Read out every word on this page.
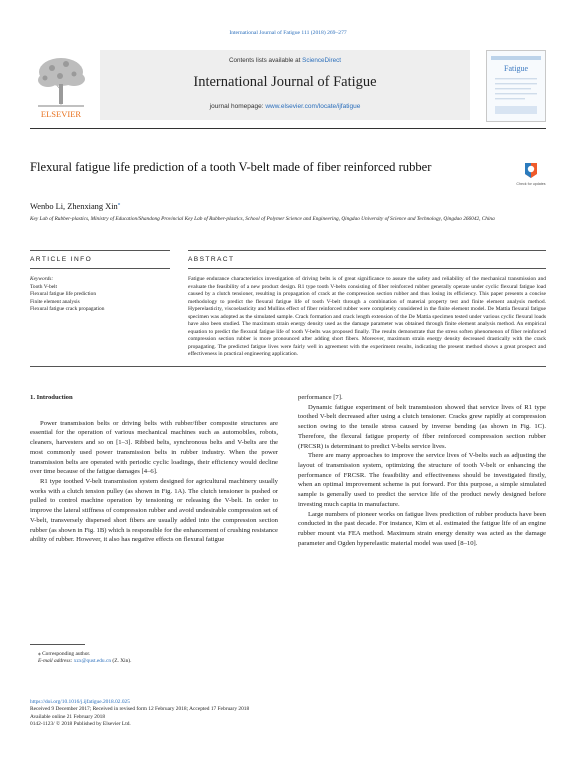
International Journal of Fatigue 111 (2018) 269–277
ELSEVIER
Contents lists available at ScienceDirect
International Journal of Fatigue
journal homepage: www.elsevier.com/locate/ijfatigue
Fatigue
Flexural fatigue life prediction of a tooth V-belt made of fiber reinforced rubber
Check for updates
Wenbo Li, Zhenxiang Xin⁎
Key Lab of Rubber-plastics, Ministry of Education/Shandong Provincial Key Lab of Rubber-plastics, School of Polymer Science and Engineering, Qingdao University of Science and Technology, Qingdao 266042, China
ARTICLE INFO	ABSTRACT
Keywords:
Tooth V-belt
Flexural fatigue life prediction
Finite element analysis
Flexural fatigue crack propagation
Fatigue endurance characteristics investigation of driving belts is of great significance to assure the safety and reliability of the mechanical transmission and evaluate the feasibility of a new product design. R1 type tooth V-belts consisting of fiber reinforced rubber generally operate under cyclic flexural fatigue load caused by a clutch tensioner, resulting in propagation of crack at the compression section rubber and thus losing its efficiency. This paper presents a concise methodology to predict the flexural fatigue life of tooth V-belt through a combination of material property test and finite element analysis method. Hyperelasticity, viscoelasticity and Mullins effect of fiber reinforced rubber were completely considered in the finite element model. De Mattia flexural fatigue specimen was adopted as the simulated sample. Crack formation and crack length extension of the De Mattia specimen tested under various cyclic flexural loads have also been studied. The maximum strain energy density used as the damage parameter was obtained through finite element analysis method. An empirical equation to predict the flexural fatigue life of tooth V-belts was proposed finally. The results demonstrate that the stress soften phenomenon of fiber reinforced compression section rubber is more pronounced after adding short fibers. Moreover, maximum strain energy density decreased drastically with the crack propagating. The predicted fatigue lives were fairly well in agreement with the experiment results, indicating the present method shows a great prospect and effectiveness in practical engineering application.
1. Introduction

Power transmission belts or driving belts with rubber/fiber composite structures are essential for the operation of various mechanical machines such as automobiles, robots, cleaners, harvesters and so on [1–3]. Ribbed belts, synchronous belts and V-belts are the most commonly used power transmission belts in rubber industry. When the power transmission belts are operated with periodic cyclic loadings, their efficiency would decline over time because of the fatigue damages [4–6].

R1 type toothed V-belt transmission system designed for agricultural machinery usually works with a clutch tension pulley (as shown in Fig. 1A). The clutch tensioner is pushed or pulled to control machine operation by tensioning or releasing the V-belt. In order to improve the lateral stiffness of compression rubber and avoid undesirable compression set of V-belt, transversely dispersed short fibers are usually added into the compression section rubber (as shown in Fig. 1B) which is responsible for the enhancement of crushing resistance ability of rubber. However, it also has negative effects on flexural fatigue

performance [7].

Dynamic fatigue experiment of belt transmission showed that service lives of R1 type toothed V-belt decreased after using a clutch tensioner. Cracks grew rapidly at compression section owing to the tensile stress caused by inverse bending (as shown in Fig. 1C). Therefore, the flexural fatigue property of fiber reinforced compression section rubber (FRCSR) is determinant to predict V-belts service lives.

There are many approaches to improve the service lives of V-belts such as adjusting the layout of transmission system, optimizing the structure of tooth V-belt or enhancing the performance of FRCSR. The feasibility and effectiveness should be investigated firstly, when an optimal improvement scheme is put forward. For this purpose, a simple simulated sample is generally used to predict the service life of the product newly designed before investing much capita in manufacture.

Large numbers of pioneer works on fatigue lives prediction of rubber products have been conducted in the past decade. For instance, Kim et al. estimated the fatigue life of an engine rubber mount via FEA method. Maximum strain energy density was acted as the damage parameter and Ogden hyperelastic material model was used [8–10].

⁎ Corresponding author.
E-mail address: xzx@qust.edu.cn (Z. Xin).
https://doi.org/10.1016/j.ijfatigue.2018.02.025
Received 9 December 2017; Received in revised form 12 February 2018; Accepted 17 February 2018
Available online 21 February 2018
0142-1123/ © 2018 Published by Elsevier Ltd.
